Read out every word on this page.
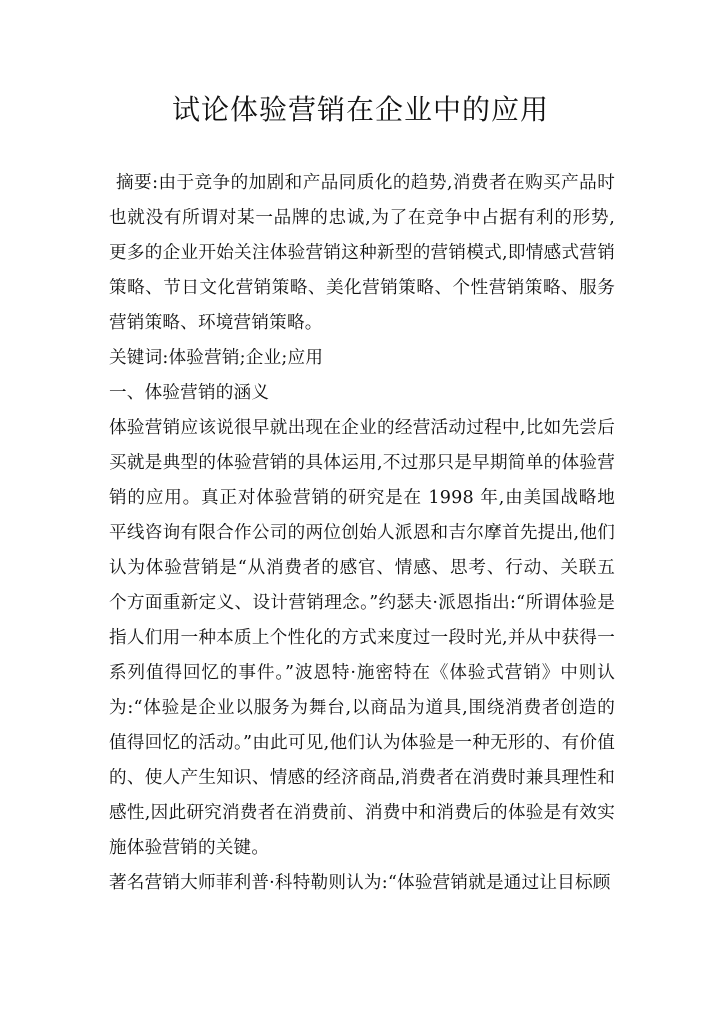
试论体验营销在企业中的应用

摘要:由于竞争的加剧和产品同质化的趋势,消费者在购买产品时也就没有所谓对某一品牌的忠诚,为了在竞争中占据有利的形势,更多的企业开始关注体验营销这种新型的营销模式,即情感式营销策略、节日文化营销策略、美化营销策略、个性营销策略、服务营销策略、环境营销策略。

关键词:体验营销;企业;应用

一、体验营销的涵义

体验营销应该说很早就出现在企业的经营活动过程中,比如先尝后买就是典型的体验营销的具体运用,不过那只是早期简单的体验营销的应用。真正对体验营销的研究是在 1998 年,由美国战略地平线咨询有限合作公司的两位创始人派恩和吉尔摩首先提出,他们认为体验营销是“从消费者的感官、情感、思考、行动、关联五个方面重新定义、设计营销理念。”约瑟夫·派恩指出:“所谓体验是指人们用一种本质上个性化的方式来度过一段时光,并从中获得一系列值得回忆的事件。”波恩特·施密特在《体验式营销》中则认为:“体验是企业以服务为舞台,以商品为道具,围绕消费者创造的值得回忆的活动。”由此可见,他们认为体验是一种无形的、有价值的、使人产生知识、情感的经济商品,消费者在消费时兼具理性和感性,因此研究消费者在消费前、消费中和消费后的体验是有效实施体验营销的关键。

著名营销大师菲利普·科特勒则认为:“体验营销就是通过让目标顾
